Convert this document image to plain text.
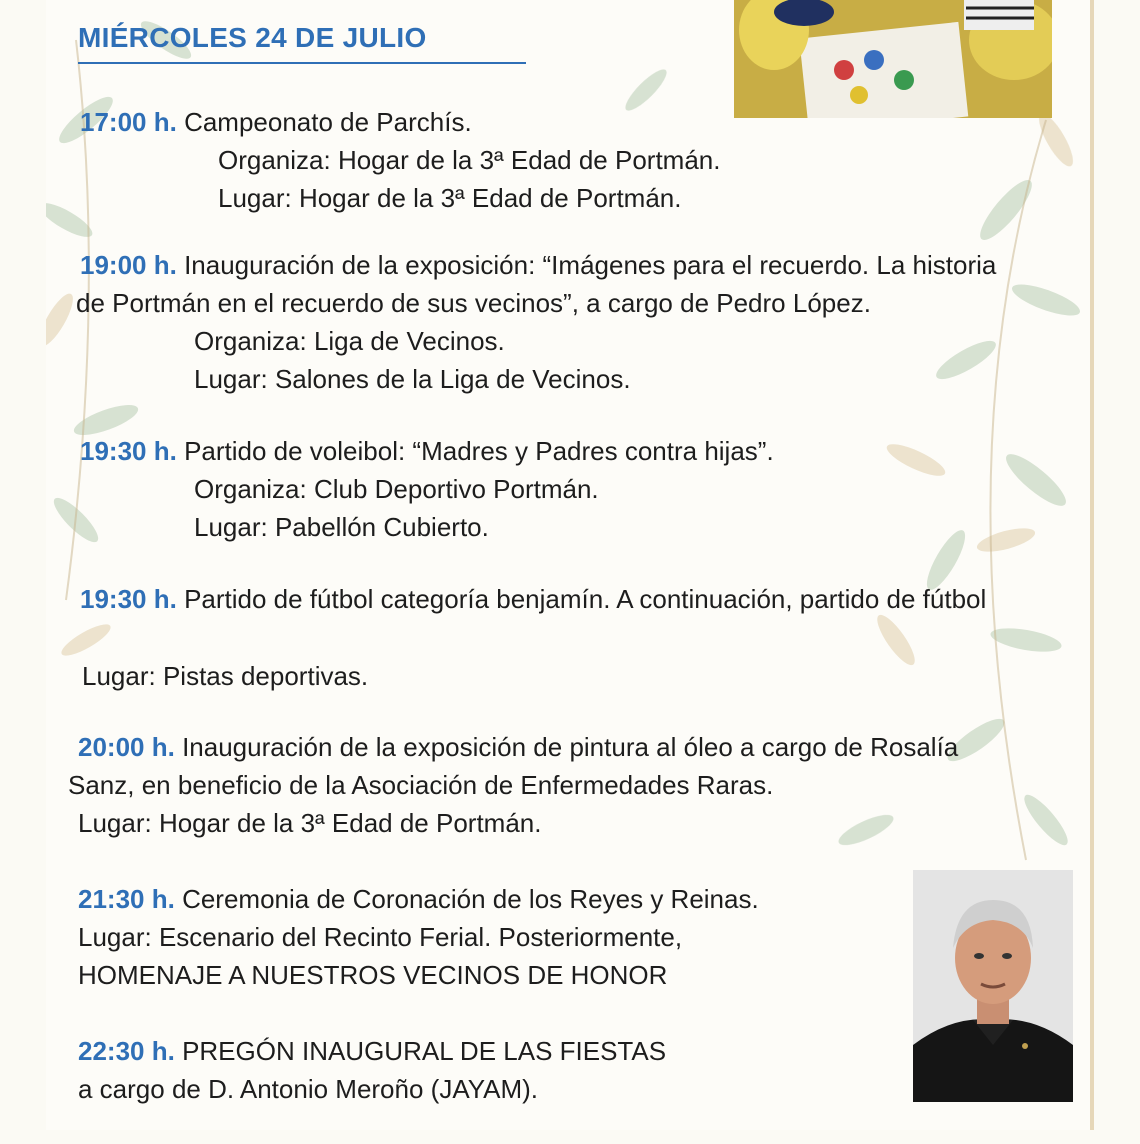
MIÉRCOLES 24 DE JULIO
17:00 h. Campeonato de Parchís.
Organiza: Hogar de la 3ª Edad de Portmán.
Lugar: Hogar de la 3ª Edad de Portmán.
19:00 h. Inauguración de la exposición: “Imágenes para el recuerdo. La historia
de Portmán en el recuerdo de sus vecinos”, a cargo de Pedro López.
Organiza: Liga de Vecinos.
Lugar: Salones de la Liga de Vecinos.
19:30 h. Partido de voleibol: “Madres y Padres contra hijas”.
Organiza: Club Deportivo Portmán.
Lugar: Pabellón Cubierto.
19:30 h. Partido de fútbol categoría benjamín. A continuación, partido de fútbol
Lugar: Pistas deportivas.
20:00 h. Inauguración de la exposición de pintura al óleo a cargo de Rosalía
Sanz, en beneficio de la Asociación de Enfermedades Raras.
Lugar: Hogar de la 3ª Edad de Portmán.
21:30 h. Ceremonia de Coronación de los Reyes y Reinas.
Lugar: Escenario del Recinto Ferial. Posteriormente,
HOMENAJE A NUESTROS VECINOS DE HONOR
22:30 h. PREGÓN INAUGURAL DE LAS FIESTAS
a cargo de D. Antonio Meroño (JAYAM).
